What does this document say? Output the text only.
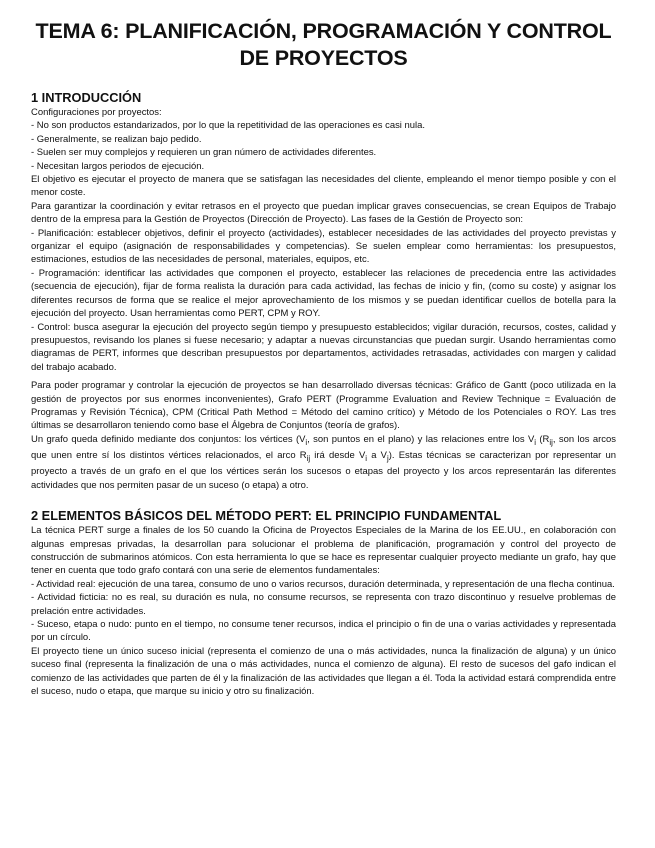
TEMA 6: PLANIFICACIÓN, PROGRAMACIÓN Y CONTROL
DE PROYECTOS
1 INTRODUCCIÓN

Configuraciones por proyectos:

- No son productos estandarizados, por lo que la repetitividad de las operaciones es casi nula.

- Generalmente, se realizan bajo pedido.

- Suelen ser muy complejos y requieren un gran número de actividades diferentes.

- Necesitan largos periodos de ejecución.

El objetivo es ejecutar el proyecto de manera que se satisfagan las necesidades del cliente, empleando el menor tiempo posible y con el menor coste.

Para garantizar la coordinación y evitar retrasos en el proyecto que puedan implicar graves consecuencias, se crean Equipos de Trabajo dentro de la empresa para la Gestión de Proyectos (Dirección de Proyecto). Las fases de la Gestión de Proyecto son:

- Planificación: establecer objetivos, definir el proyecto (actividades), establecer necesidades de las actividades del proyecto previstas y organizar el equipo (asignación de responsabilidades y competencias). Se suelen emplear como herramientas: los presupuestos, estimaciones, estudios de las necesidades de personal, materiales, equipos, etc.

- Programación: identificar las actividades que componen el proyecto, establecer las relaciones de precedencia entre las actividades (secuencia de ejecución), fijar de forma realista la duración para cada actividad, las fechas de inicio y fin, (como su coste) y asignar los diferentes recursos de forma que se realice el mejor aprovechamiento de los mismos y se puedan identificar cuellos de botella para la ejecución del proyecto. Usan herramientas como PERT, CPM y ROY.

- Control: busca asegurar la ejecución del proyecto según tiempo y presupuesto establecidos; vigilar duración, recursos, costes, calidad y presupuestos, revisando los planes si fuese necesario; y adaptar a nuevas circunstancias que puedan surgir. Usando herramientas como diagramas de PERT, informes que describan presupuestos por departamentos, actividades retrasadas, actividades con margen y calidad del trabajo acabado.

Para poder programar y controlar la ejecución de proyectos se han desarrollado diversas técnicas: Gráfico de Gantt (poco utilizada en la gestión de proyectos por sus enormes inconvenientes), Grafo PERT (Programme Evaluation and Review Technique = Evaluación de Programas y Revisión Técnica), CPM (Critical Path Method = Método del camino crítico) y Método de los Potenciales o ROY. Las tres últimas se desarrollaron teniendo como base el Álgebra de Conjuntos (teoría de grafos).

Un grafo queda definido mediante dos conjuntos: los vértices ($V_i$, son puntos en el plano) y las relaciones entre los $V_i$ ($R_{ij}$, son los arcos que unen entre sí los distintos vértices relacionados, el arco $R_{ij}$ irá desde $V_i$ a $V_j$). Estas técnicas se caracterizan por representar un proyecto a través de un grafo en el que los vértices serán los sucesos o etapas del proyecto y los arcos representarán las diferentes actividades que nos permiten pasar de un suceso (o etapa) a otro.

2 ELEMENTOS BÁSICOS DEL MÉTODO PERT: EL PRINCIPIO FUNDAMENTAL

La técnica PERT surge a finales de los 50 cuando la Oficina de Proyectos Especiales de la Marina de los EE.UU., en colaboración con algunas empresas privadas, la desarrollan para solucionar el problema de planificación, programación y control del proyecto de construcción de submarinos atómicos. Con esta herramienta lo que se hace es representar cualquier proyecto mediante un grafo, hay que tener en cuenta que todo grafo contará con una serie de elementos fundamentales:

- Actividad real: ejecución de una tarea, consumo de uno o varios recursos, duración determinada, y representación de una flecha continua.

- Actividad ficticia: no es real, su duración es nula, no consume recursos, se representa con trazo discontinuo y resuelve problemas de prelación entre actividades.

- Suceso, etapa o nudo: punto en el tiempo, no consume tener recursos, indica el principio o fin de una o varias actividades y representada por un círculo.

El proyecto tiene un único suceso inicial (representa el comienzo de una o más actividades, nunca la finalización de alguna) y un único suceso final (representa la finalización de una o más actividades, nunca el comienzo de alguna). El resto de sucesos del gafo indican el comienzo de las actividades que parten de él y la finalización de las actividades que llegan a él. Toda la actividad estará comprendida entre el suceso, nudo o etapa, que marque su inicio y otro su finalización.
